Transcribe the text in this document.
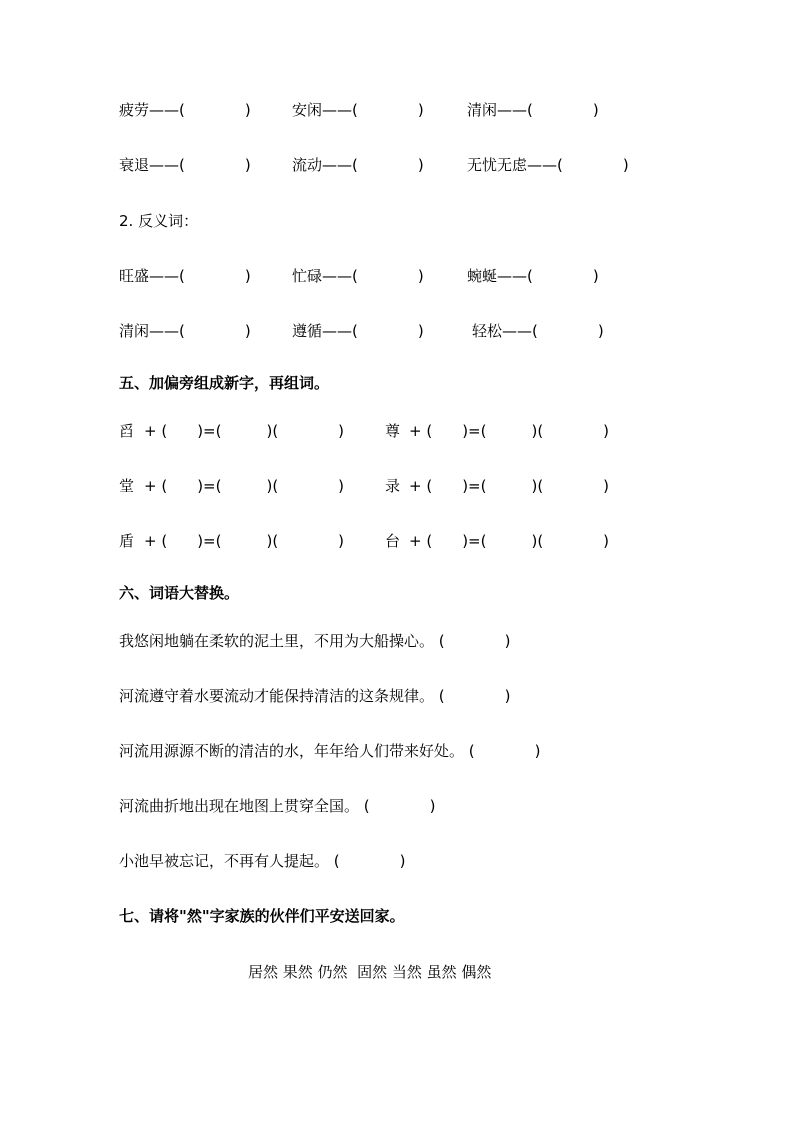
疲劳——(　　　　)	安闲——(　　　　)	清闲——(　　　　)
衰退——(　　　　)	流动——(　　　　)	无忧无虑——(　　　　)
2. 反义词：
旺盛——(　　　　)	忙碌——(　　　　)	蜿蜒——(　　　　)
清闲——(　　　　)	遵循——(　　　　)	轻松——(　　　　)
五、加偏旁组成新字，再组词。
舀 + (　　)=(　　　)(　　　　)	尊 + (　　)=(　　　)(　　　　)
堂 + (　　)=(　　　)(　　　　)	录 + (　　)=(　　　)(　　　　)
盾 + (　　)=(　　　)(　　　　)	台 + (　　)=(　　　)(　　　　)
六、词语大替换。
我悠闲地躺在柔软的泥土里，不用为大船操心。 (　　　　)
河流遵守着水要流动才能保持清洁的这条规律。 (　　　　)
河流用源源不断的清洁的水，年年给人们带来好处。 (　　　　)
河流曲折地出现在地图上贯穿全国。 (　　　　)
小池早被忘记，不再有人提起。 (　　　　)
七、请将"然"字家族的伙伴们平安送回家。
居然 果然 仍然  固然 当然 虽然 偶然
